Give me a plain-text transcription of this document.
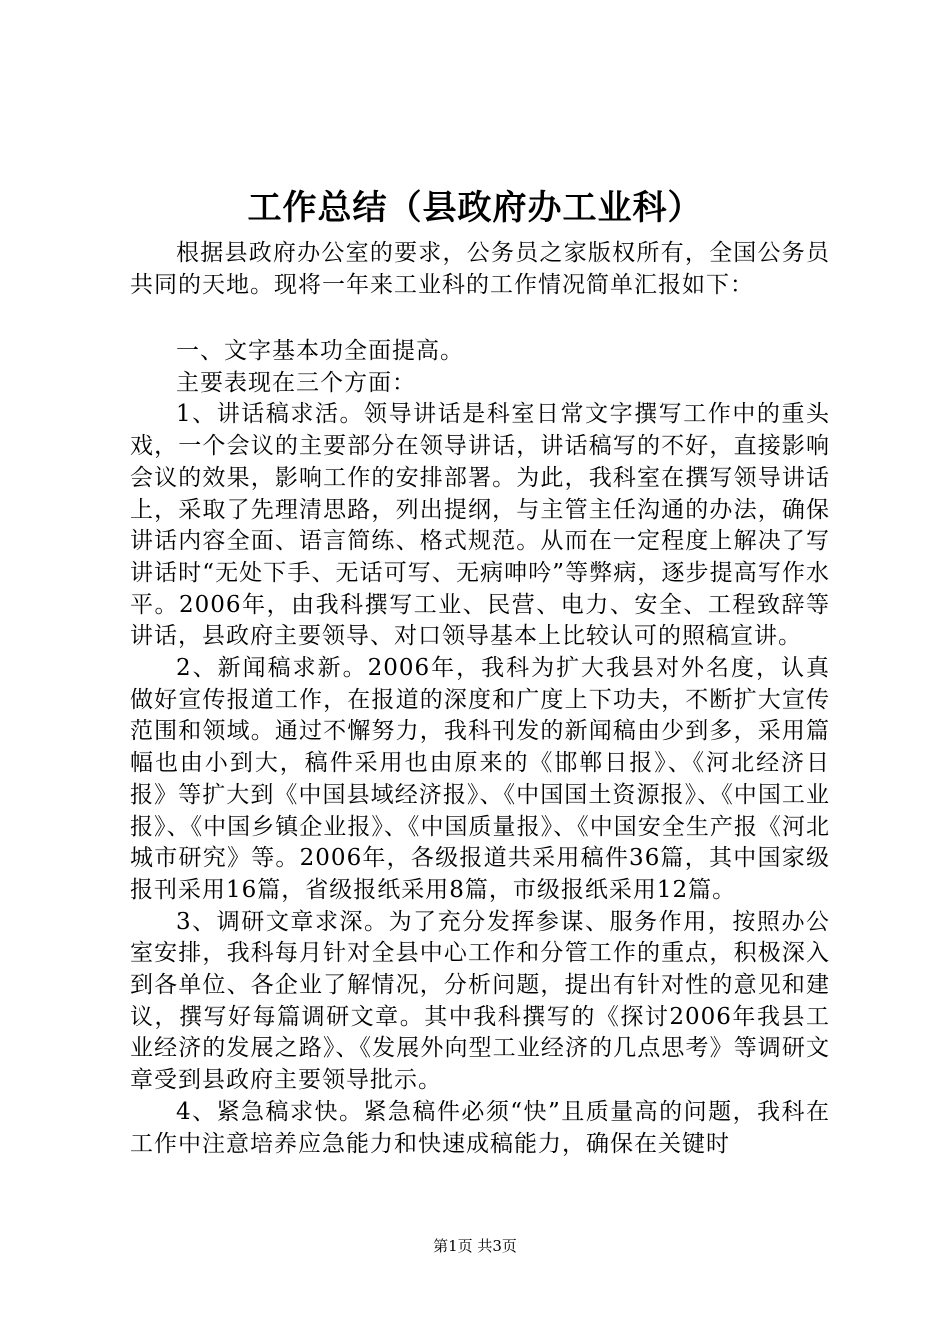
工作总结（县政府办工业科）

根据县政府办公室的要求，公务员之家版权所有，全国公务员共同的天地。现将一年来工业科的工作情况简单汇报如下：

一、文字基本功全面提高。

主要表现在三个方面：

1、讲话稿求活。领导讲话是科室日常文字撰写工作中的重头戏，一个会议的主要部分在领导讲话，讲话稿写的不好，直接影响会议的效果，影响工作的安排部署。为此，我科室在撰写领导讲话上，采取了先理清思路，列出提纲，与主管主任沟通的办法，确保讲话内容全面、语言简练、格式规范。从而在一定程度上解决了写讲话时“无处下手、无话可写、无病呻吟”等弊病，逐步提高写作水平。2006年，由我科撰写工业、民营、电力、安全、工程致辞等讲话，县政府主要领导、对口领导基本上比较认可的照稿宣讲。

2、新闻稿求新。2006年，我科为扩大我县对外名度，认真做好宣传报道工作，在报道的深度和广度上下功夫，不断扩大宣传范围和领域。通过不懈努力，我科刊发的新闻稿由少到多，采用篇幅也由小到大，稿件采用也由原来的《邯郸日报》、《河北经济日报》等扩大到《中国县域经济报》、《中国国土资源报》、《中国工业报》、《中国乡镇企业报》、《中国质量报》、《中国安全生产报《河北城市研究》等。2006年，各级报道共采用稿件36篇，其中国家级报刊采用16篇，省级报纸采用8篇，市级报纸采用12篇。

3、调研文章求深。为了充分发挥参谋、服务作用，按照办公室安排，我科每月针对全县中心工作和分管工作的重点，积极深入到各单位、各企业了解情况，分析问题，提出有针对性的意见和建议，撰写好每篇调研文章。其中我科撰写的《探讨2006年我县工业经济的发展之路》、《发展外向型工业经济的几点思考》等调研文章受到县政府主要领导批示。

4、紧急稿求快。紧急稿件必须“快”且质量高的问题，我科在工作中注意培养应急能力和快速成稿能力，确保在关键时

第1页 共3页
